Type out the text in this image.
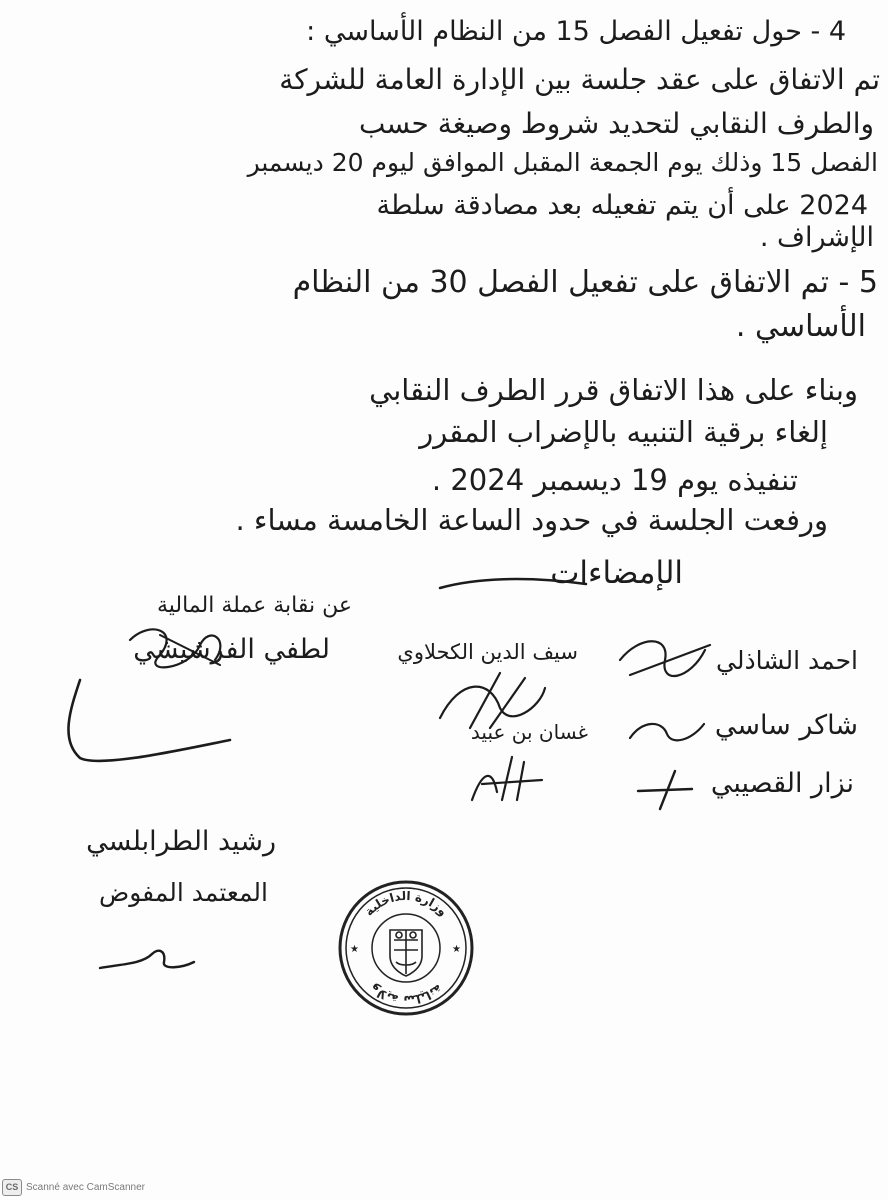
4 - حول تفعيل الفصل 15 من النظام الأساسي :
تم الاتفاق على عقد جلسة بين الإدارة العامة للشركة
والطرف النقابي لتحديد شروط وصيغة حسب
الفصل 15 وذلك يوم الجمعة المقبل الموافق ليوم 20 ديسمبر
2024 على أن يتم تفعيله بعد مصادقة سلطة
الإشراف .
5 - تم الاتفاق على تفعيل الفصل 30 من النظام
الأساسي .
وبناء على هذا الاتفاق قرر الطرف النقابي
إلغاء برقية التنبيه بالإضراب المقرر
تنفيذه يوم 19 ديسمبر 2024 .
ورفعت الجلسة في حدود الساعة الخامسة مساء .
الإمضاءات
عن نقابة عملة المالية
لطفي الفرشيشي	احمد الشاذلي
سيف الدين الكحلاوي
شاكر ساسي
غسان بن عبيد
نزار القصيبي
رشيد الطرابلسي
المعتمد المفوض
وزارة الداخلية
ولاية سليانة
★	★
CS Scanné avec CamScanner
